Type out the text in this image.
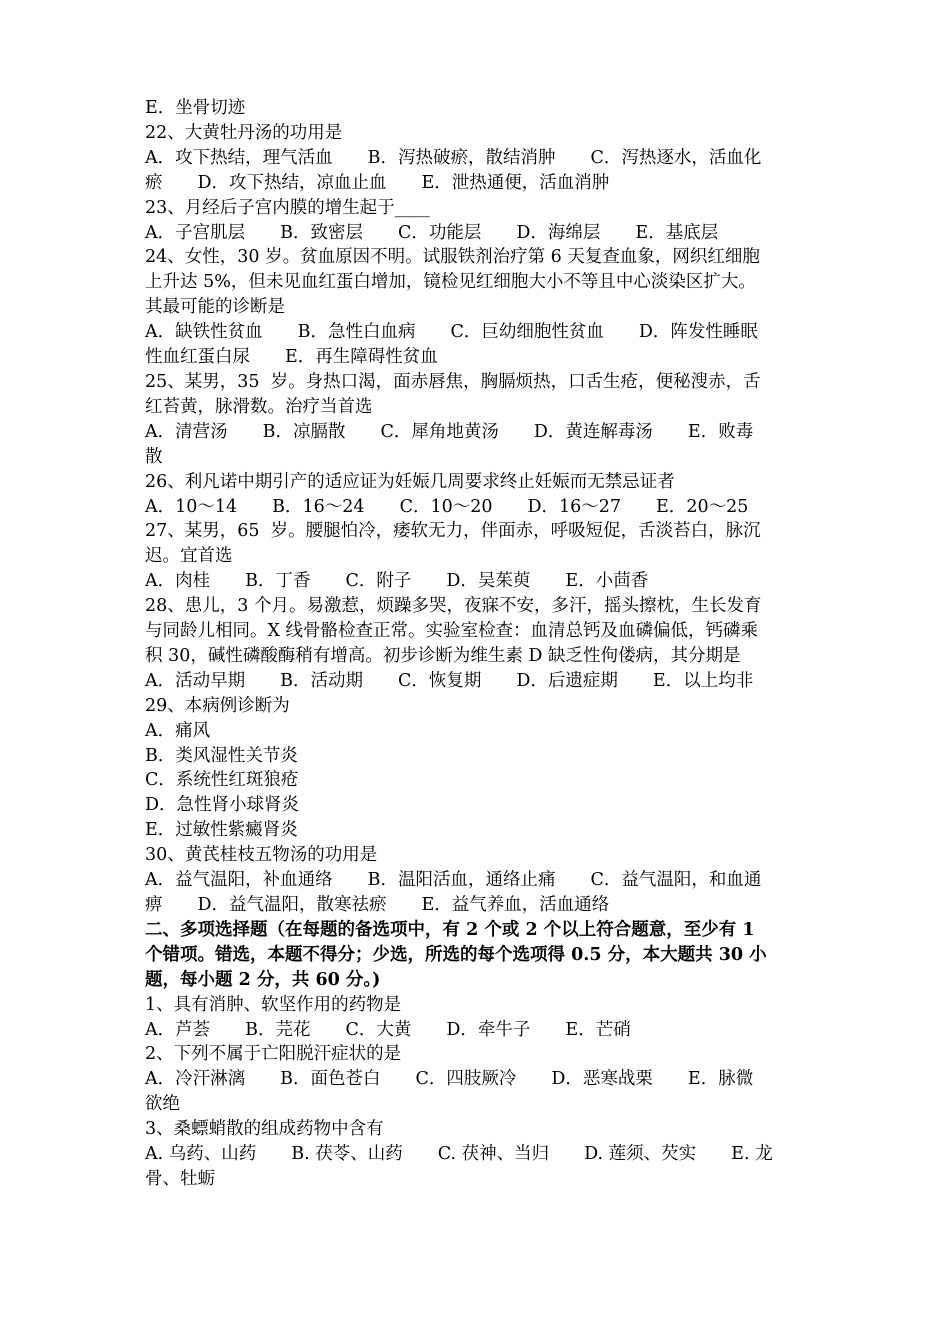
E．坐骨切迹

22、大黄牡丹汤的功用是

A．攻下热结，理气活血　　B．泻热破瘀，散结消肿　　C．泻热逐水，活血化

瘀　　D．攻下热结，凉血止血　　E．泄热通便，活血消肿

23、月经后子宫内膜的增生起于____

A．子宫肌层　　B．致密层　　C．功能层　　D．海绵层　　E．基底层

24、女性，30 岁。贫血原因不明。试服铁剂治疗第 6 天复查血象，网织红细胞

上升达 5%，但未见血红蛋白增加，镜检见红细胞大小不等且中心淡染区扩大。

其最可能的诊断是

A．缺铁性贫血　　B．急性白血病　　C．巨幼细胞性贫血　　D．阵发性睡眠

性血红蛋白尿　　E．再生障碍性贫血

25、某男，35  岁。身热口渴，面赤唇焦，胸膈烦热，口舌生疮，便秘溲赤，舌

红苔黄，脉滑数。治疗当首选

A．清营汤　　B．凉膈散　　C．犀角地黄汤　　D．黄连解毒汤　　E．败毒

散

26、利凡诺中期引产的适应证为妊娠几周要求终止妊娠而无禁忌证者

A．10～14　　B．16～24　　C．10～20　　D．16～27　　E．20～25

27、某男，65  岁。腰腿怕冷，痿软无力，伴面赤，呼吸短促，舌淡苔白，脉沉

迟。宜首选

A．肉桂　　B．丁香　　C．附子　　D．吴茱萸　　E．小茴香

28、患儿，3 个月。易激惹，烦躁多哭，夜寐不安，多汗，摇头擦枕，生长发育

与同龄儿相同。X 线骨骼检查正常。实验室检查：血清总钙及血磷偏低，钙磷乘

积 30，碱性磷酸酶稍有增高。初步诊断为维生素 D 缺乏性佝偻病，其分期是

A．活动早期　　B．活动期　　C．恢复期　　D．后遗症期　　E．以上均非

29、本病例诊断为

A．痛风

B．类风湿性关节炎

C．系统性红斑狼疮

D．急性肾小球肾炎

E．过敏性紫癜肾炎

30、黄芪桂枝五物汤的功用是

A．益气温阳，补血通络　　B．温阳活血，通络止痛　　C．益气温阳，和血通

痹　　D．益气温阳，散寒祛瘀　　E．益气养血，活血通络

二、多项选择题（在每题的备选项中，有 2 个或 2 个以上符合题意，至少有 1

个错项。错选，本题不得分；少选，所选的每个选项得 0.5 分，本大题共 30 小

题，每小题 2 分，共 60 分。)

1、具有消肿、软坚作用的药物是

A．芦荟　　B．芫花　　C．大黄　　D．牵牛子　　E．芒硝

2、下列不属于亡阳脱汗症状的是

A．冷汗淋漓　　B．面色苍白　　C．四肢厥冷　　D．恶寒战栗　　E．脉微

欲绝

3、桑螵蛸散的组成药物中含有

A. 乌药、山药　　B. 茯苓、山药　　C. 茯神、当归　　D. 莲须、芡实　　E. 龙

骨、牡蛎
